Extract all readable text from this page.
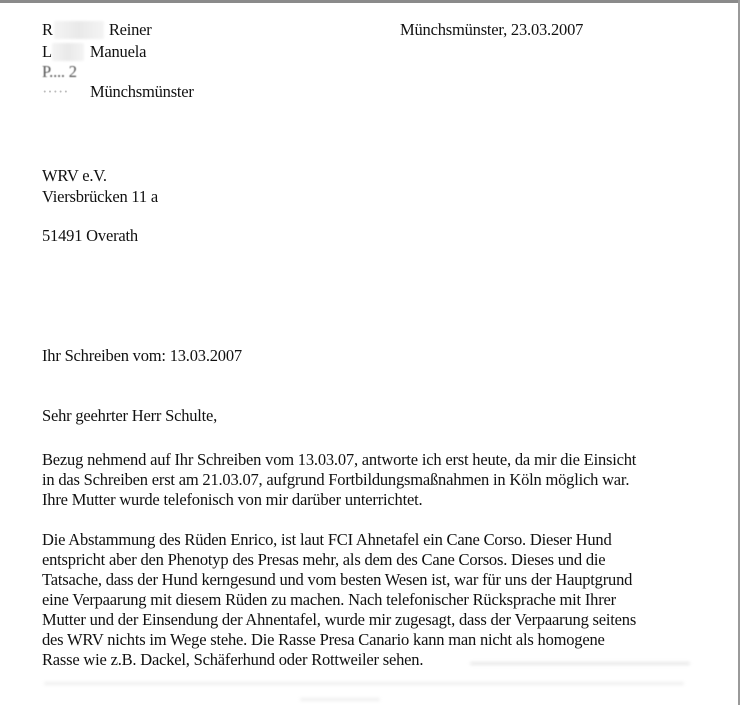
R	Reiner
L Manuela
P.... 2
····· Münchsmünster
Münchsmünster, 23.03.2007
WRV e.V.
Viersbrücken 11 a
51491 Overath
Ihr Schreiben vom: 13.03.2007
Sehr geehrter Herr Schulte,
Bezug nehmend auf Ihr Schreiben vom 13.03.07, antworte ich erst heute, da mir die Einsicht
in das Schreiben erst am 21.03.07, aufgrund Fortbildungsmaßnahmen in Köln möglich war.
Ihre Mutter wurde telefonisch von mir darüber unterrichtet.
Die Abstammung des Rüden Enrico, ist laut FCI Ahnetafel ein Cane Corso. Dieser Hund
entspricht aber den Phenotyp des Presas mehr, als dem des Cane Corsos. Dieses und die
Tatsache, dass der Hund kerngesund und vom besten Wesen ist, war für uns der Hauptgrund
eine Verpaarung mit diesem Rüden zu machen. Nach telefonischer Rücksprache mit Ihrer
Mutter und der Einsendung der Ahnentafel, wurde mir zugesagt, dass der Verpaarung seitens
des WRV nichts im Wege stehe. Die Rasse Presa Canario kann man nicht als homogene
Rasse wie z.B. Dackel, Schäferhund oder Rottweiler sehen.
